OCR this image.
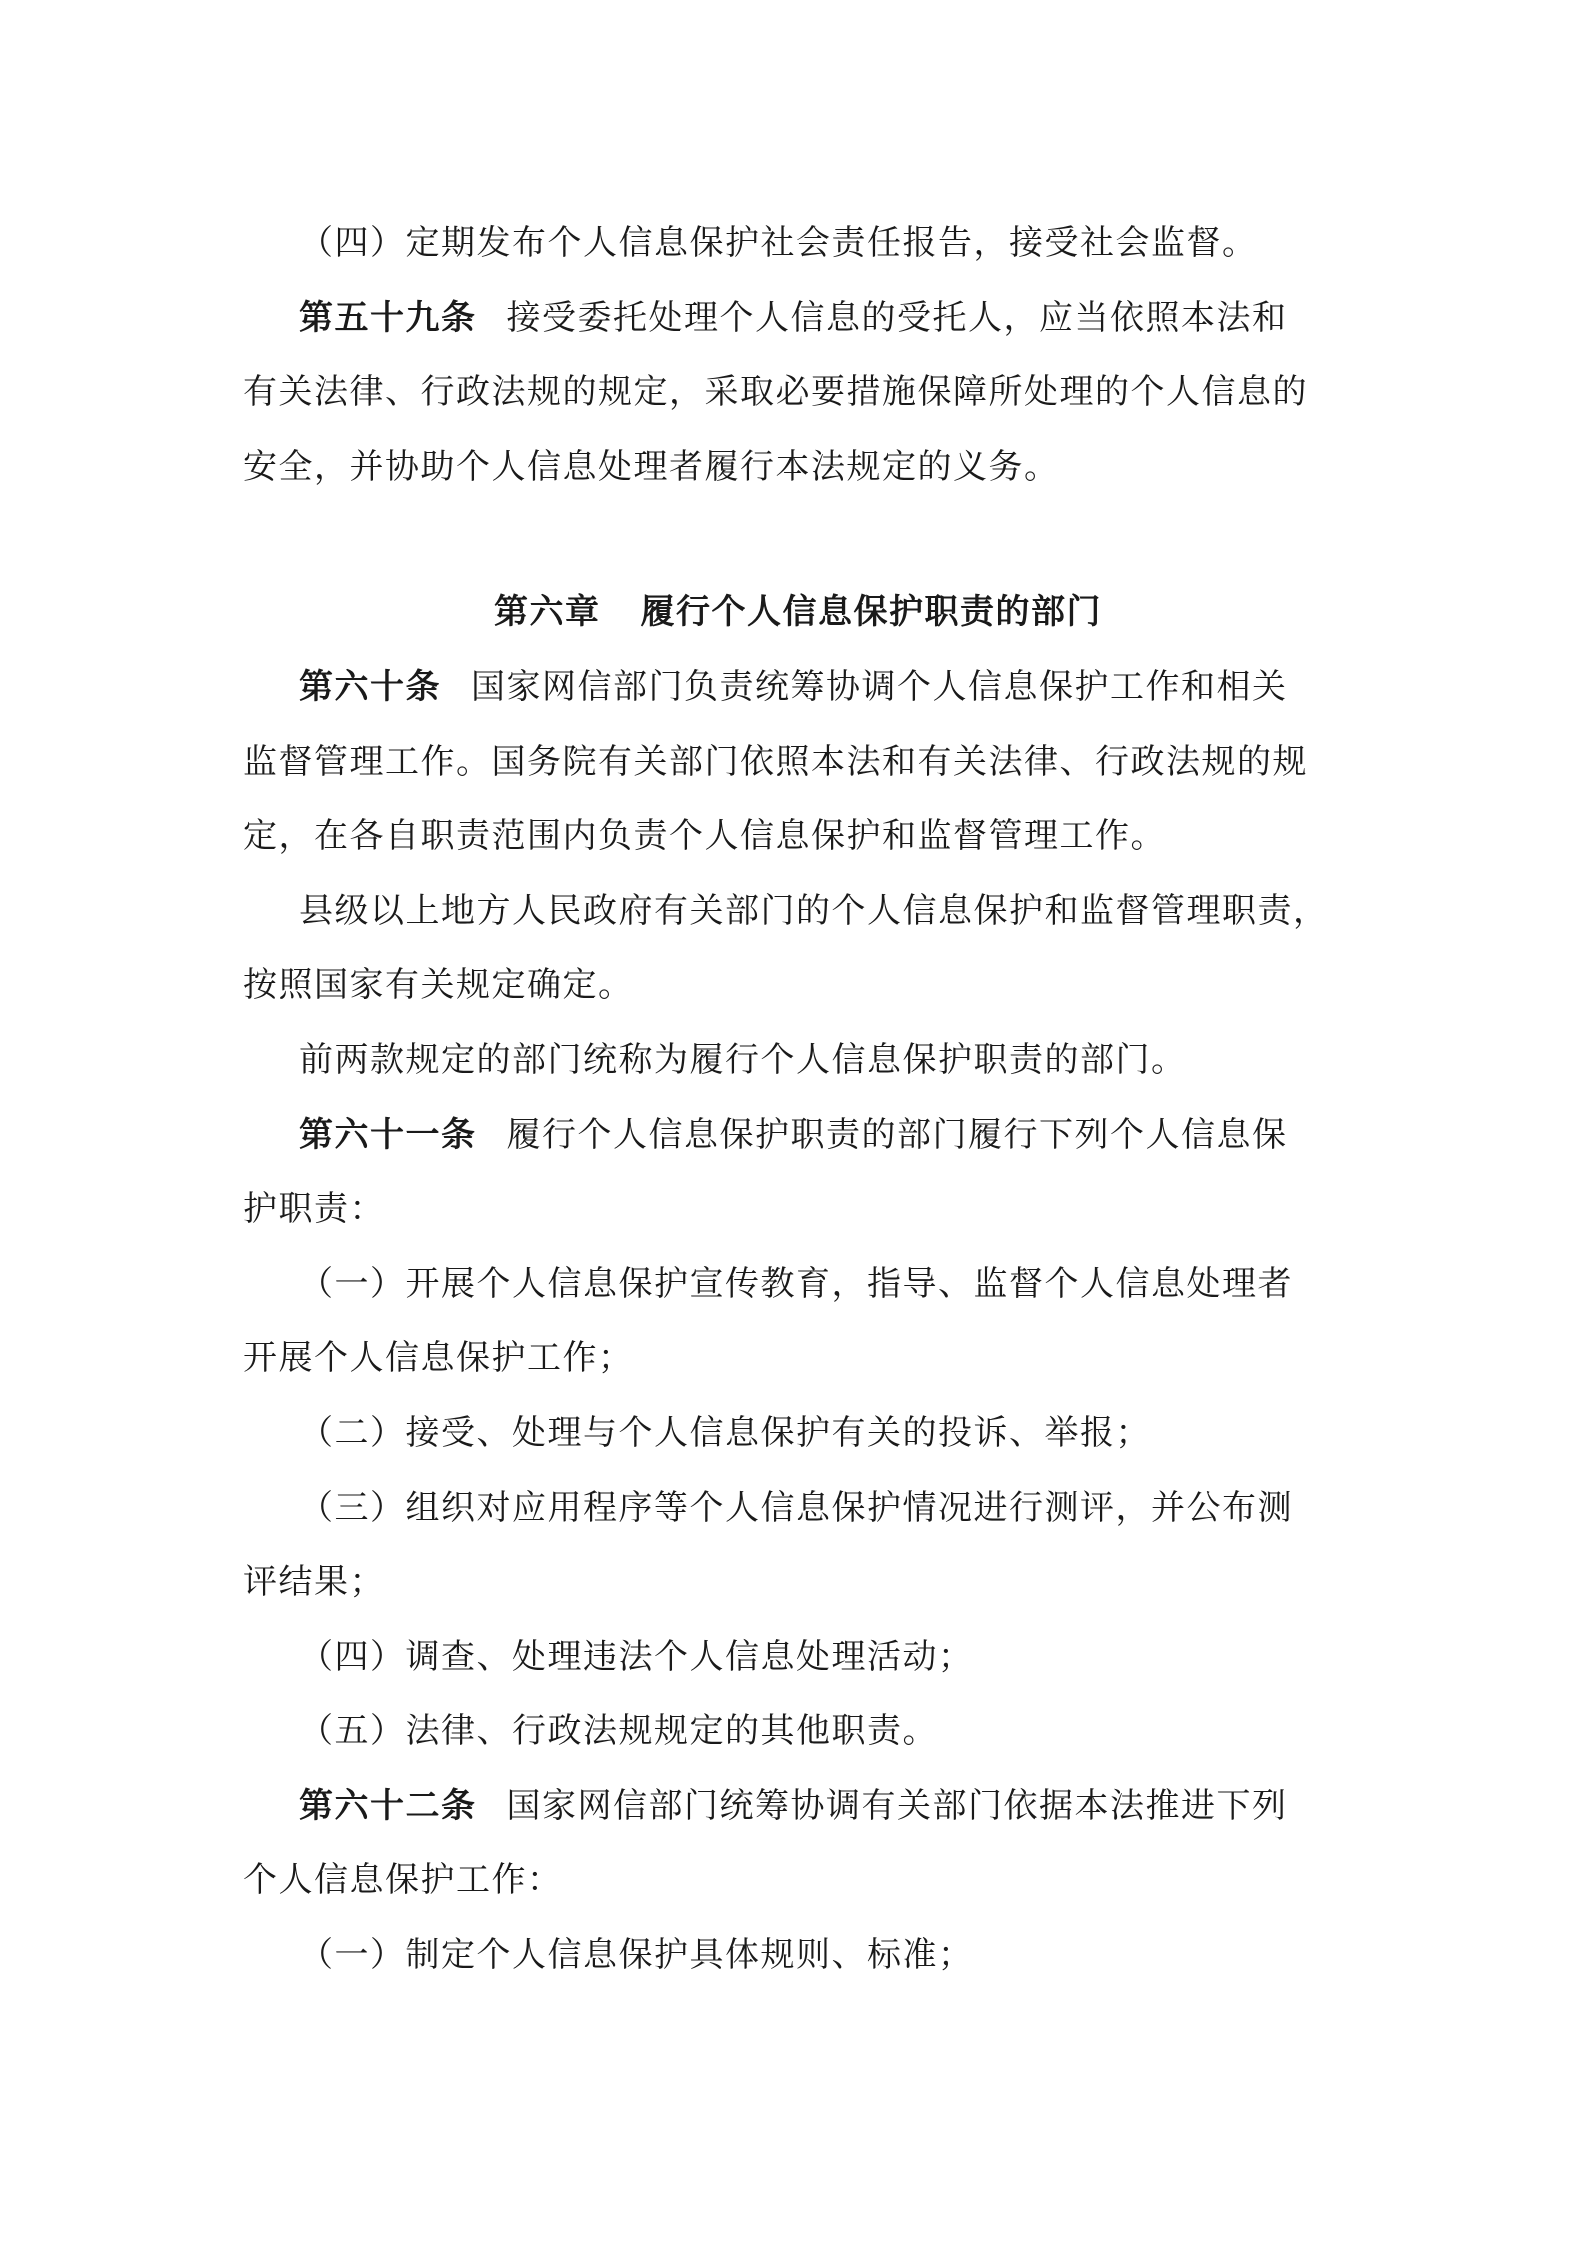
（四）定期发布个人信息保护社会责任报告，接受社会监督。
第五十九条 接受委托处理个人信息的受托人，应当依照本法和
有关法律、行政法规的规定，采取必要措施保障所处理的个人信息的
安全，并协助个人信息处理者履行本法规定的义务。
第六章 履行个人信息保护职责的部门
第六十条 国家网信部门负责统筹协调个人信息保护工作和相关
监督管理工作。国务院有关部门依照本法和有关法律、行政法规的规
定，在各自职责范围内负责个人信息保护和监督管理工作。
县级以上地方人民政府有关部门的个人信息保护和监督管理职责，
按照国家有关规定确定。
前两款规定的部门统称为履行个人信息保护职责的部门。
第六十一条 履行个人信息保护职责的部门履行下列个人信息保
护职责：
（一）开展个人信息保护宣传教育，指导、监督个人信息处理者
开展个人信息保护工作；
（二）接受、处理与个人信息保护有关的投诉、举报；
（三）组织对应用程序等个人信息保护情况进行测评，并公布测
评结果；
（四）调查、处理违法个人信息处理活动；
（五）法律、行政法规规定的其他职责。
第六十二条 国家网信部门统筹协调有关部门依据本法推进下列
个人信息保护工作：
（一）制定个人信息保护具体规则、标准；
